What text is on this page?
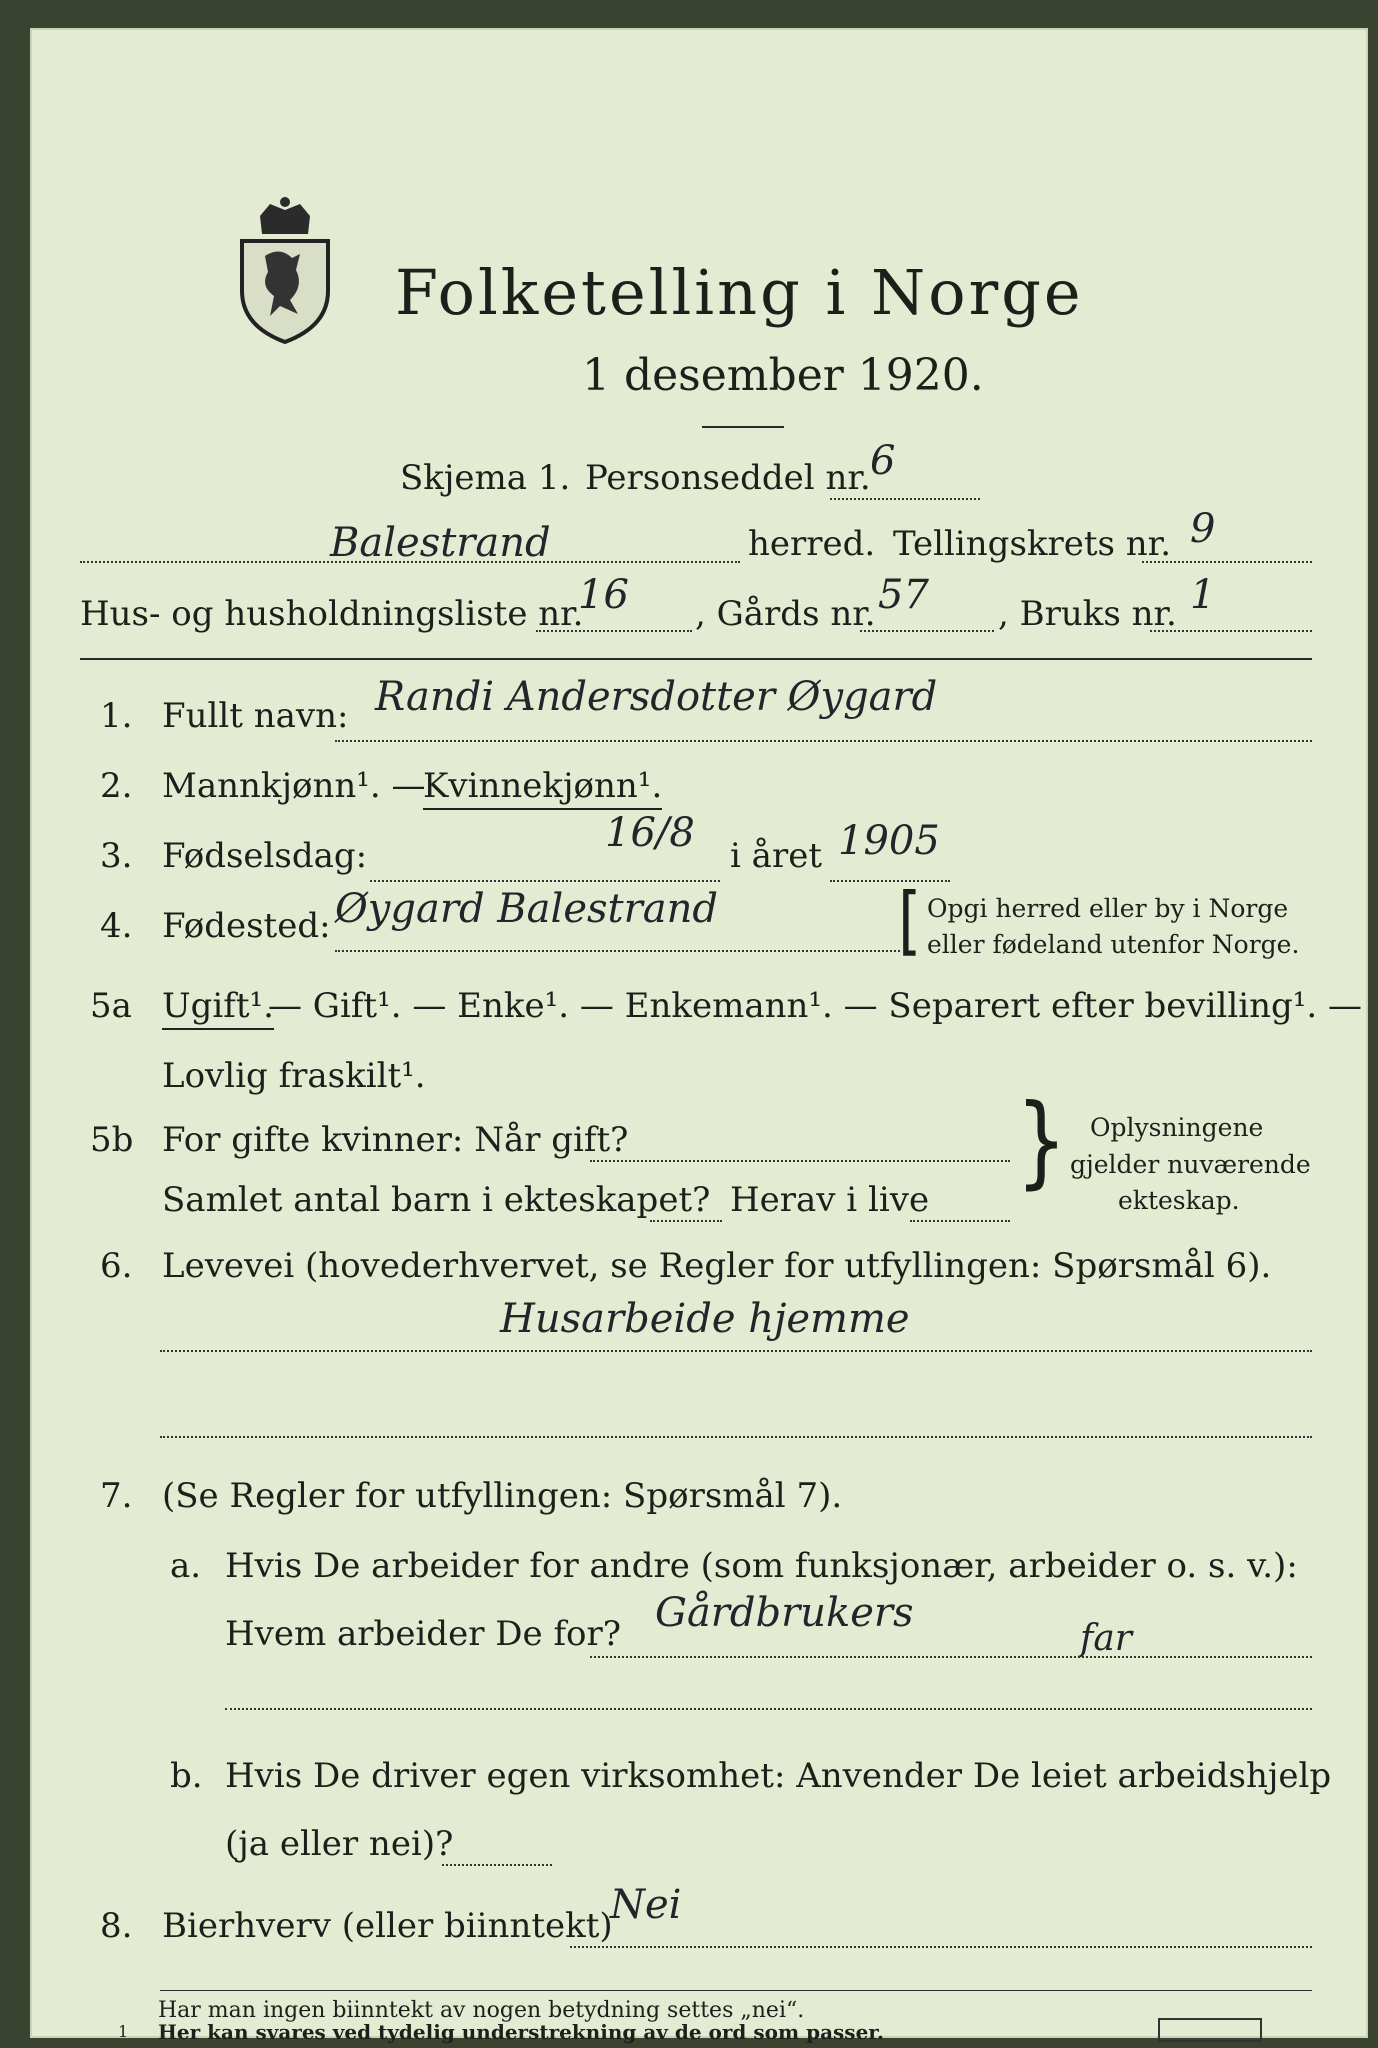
Folketelling i Norge
1 desember 1920.
Skjema 1. Personseddel nr. 6
Balestrand	herred. Tellingskrets nr. 9
Hus- og husholdningsliste nr.
16 , Gårds nr. 57 , Bruks nr. 1
1. Fullt navn: Randi Andersdotter Øygard
2. Mannkjønn¹. —
Kvinnekjønn¹.
3. Fødselsdag:	16/8 i året 1905
4. Fødested: Øygard Balestrand	[ Opgi herred eller by i Norge
eller fødeland utenfor Norge.
5a Ugift¹.
— Gift¹. — Enke¹. — Enkemann¹. — Separert efter bevilling¹. —
Lovlig fraskilt¹.
5b For gifte kvinner: Når gift?
Samlet antal barn i ekteskapet? Herav i live
} Oplysningene
gjelder nuværende
ekteskap.
6. Levevei (hovederhvervet, se Regler for utfyllingen: Spørsmål 6).
Husarbeide hjemme
7. (Se Regler for utfyllingen: Spørsmål 7).
a. Hvis De arbeider for andre (som funksjonær, arbeider o. s. v.):
Hvem arbeider De for? Gårdbrukers
far
b. Hvis De driver egen virksomhet: Anvender De leiet arbeidshjelp
(ja eller nei)?
8. Bierhverv (eller biinntekt)
Nei
Har man ingen biinntekt av nogen betydning settes „nei“.
1 Her kan svares ved tydelig understrekning av de ord som passer.
